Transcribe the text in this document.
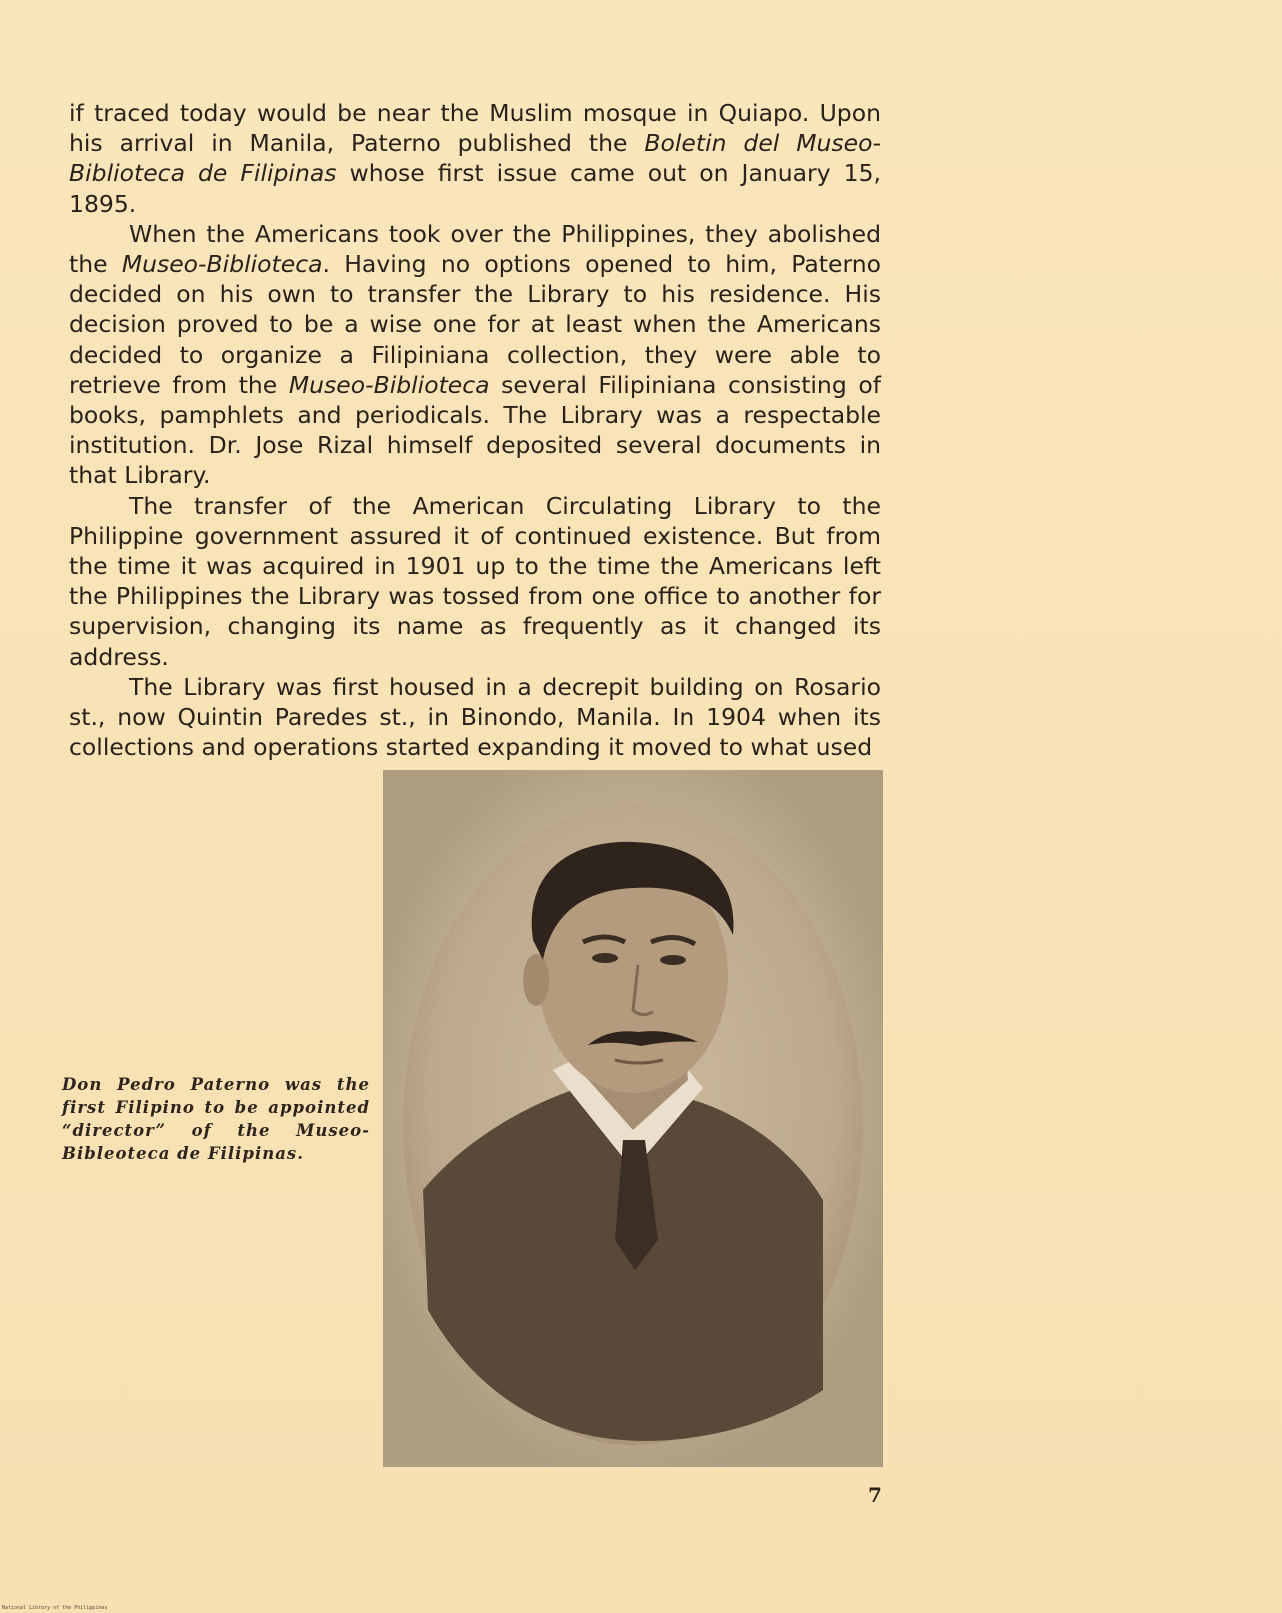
if traced today would be near the Muslim mosque in Quiapo. Upon his arrival in Manila, Paterno published the Boletin del Museo-Biblioteca de Filipinas whose first issue came out on January 15, 1895.

When the Americans took over the Philippines, they abolished the Museo-Biblioteca. Having no options opened to him, Paterno decided on his own to transfer the Library to his residence. His decision proved to be a wise one for at least when the Americans decided to organize a Filipiniana collection, they were able to retrieve from the Museo-Biblioteca several Filipiniana consisting of books, pamphlets and periodicals. The Library was a respectable institution. Dr. Jose Rizal himself deposited several documents in that Library.

The transfer of the American Circulating Library to the Philippine government assured it of continued existence. But from the time it was acquired in 1901 up to the time the Americans left the Philippines the Library was tossed from one office to another for supervision, changing its name as frequently as it changed its address.

The Library was first housed in a decrepit building on Rosario st., now Quintin Paredes st., in Binondo, Manila. In 1904 when its collections and operations started expanding it moved to what used

Don Pedro Paterno was the first Filipino to be appointed “director” of the Museo-Bibleoteca de Filipinas.

7
National Library of the Philippines
